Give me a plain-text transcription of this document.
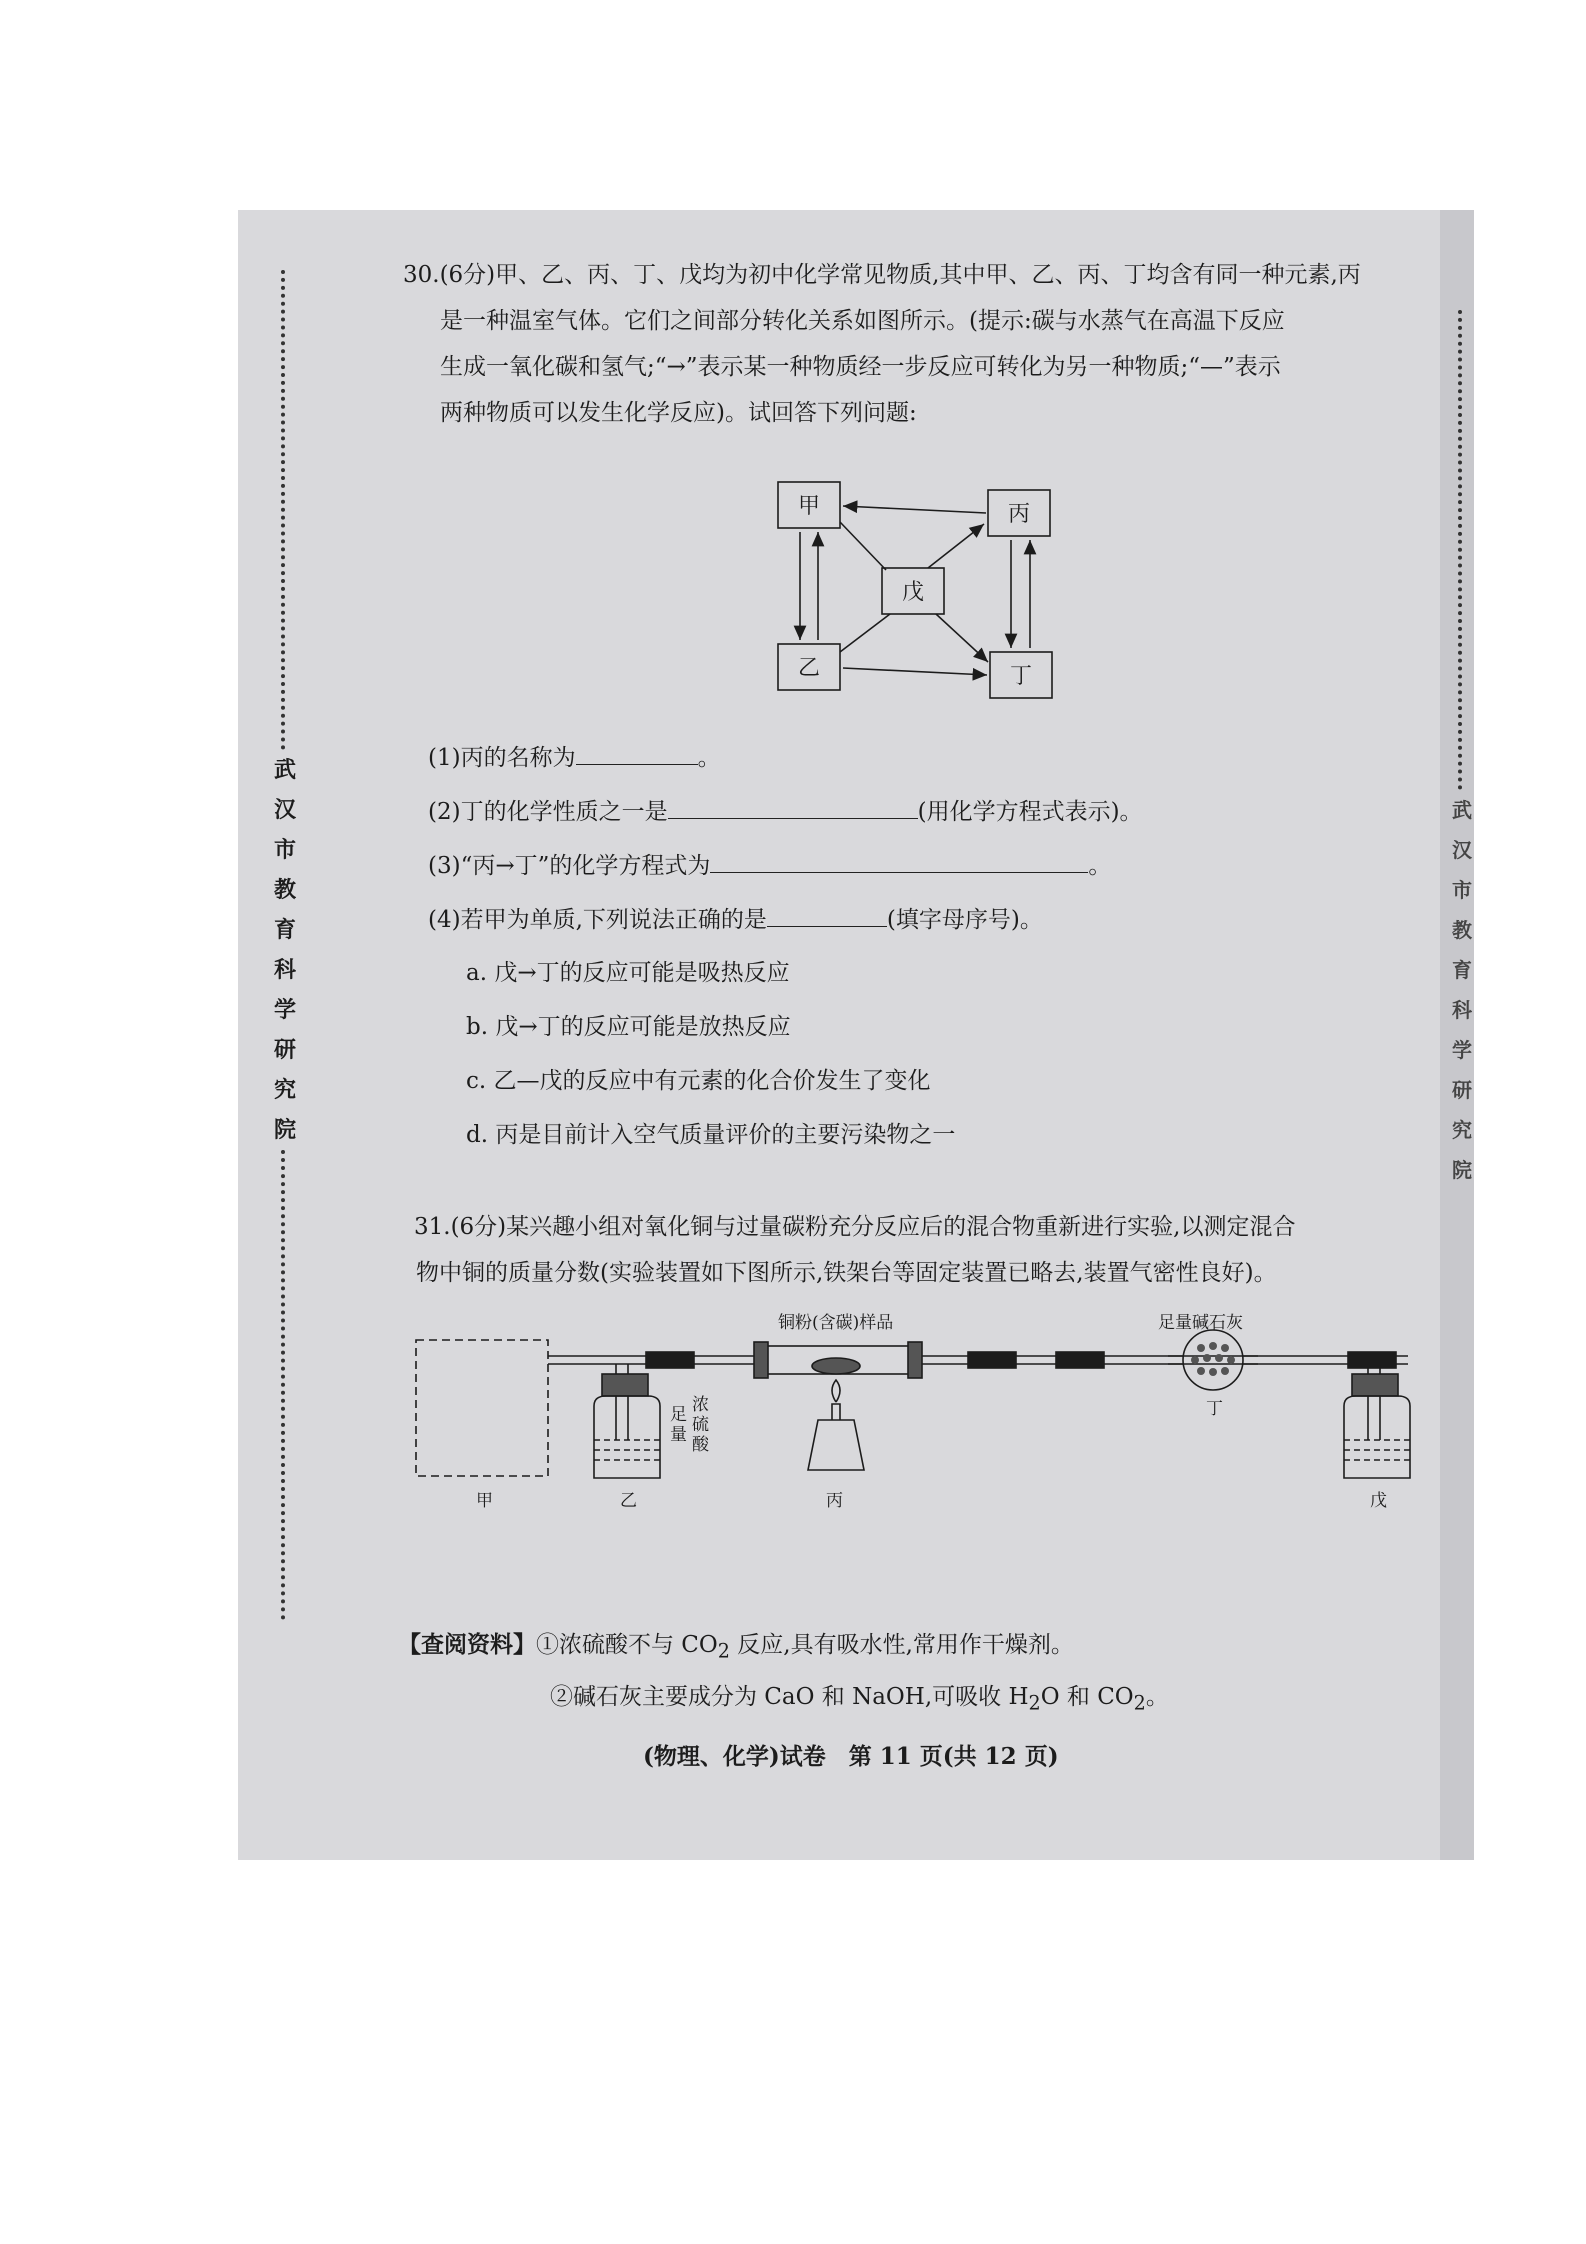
武
汉
市
教
育
科
学
研
究
院
武
汉
市
教
育
科
学
研
究
院
30.(6分)甲、乙、丙、丁、戊均为初中化学常见物质,其中甲、乙、丙、丁均含有同一种元素,丙
是一种温室气体。它们之间部分转化关系如图所示。(提示:碳与水蒸气在高温下反应
生成一氧化碳和氢气;“→”表示某一种物质经一步反应可转化为另一种物质;“—”表示
两种物质可以发生化学反应)。试回答下列问题:
甲	丙
戊
乙	丁
(1)丙的名称为	。
(2)丁的化学性质之一是	(用化学方程式表示)。
(3)“丙→丁”的化学方程式为	。
(4)若甲为单质,下列说法正确的是	(填字母序号)。
a. 戊→丁的反应可能是吸热反应
b. 戊→丁的反应可能是放热反应
c. 乙—戊的反应中有元素的化合价发生了变化
d. 丙是目前计入空气质量评价的主要污染物之一
31.(6分)某兴趣小组对氧化铜与过量碳粉充分反应后的混合物重新进行实验,以测定混合
物中铜的质量分数(实验装置如下图所示,铁架台等固定装置已略去,装置气密性良好)。
铜粉(含碳)样品	足量碱石灰
浓
硫
酸
足
量
甲	乙	丙
丁
戊
【查阅资料】①浓硫酸不与 $CO_2$ 反应,具有吸水性,常用作干燥剂。
②碱石灰主要成分为 CaO 和 NaOH,可吸收 $H_2O$ 和 $CO_2$。
(物理、化学)试卷　第 11 页(共 12 页)
